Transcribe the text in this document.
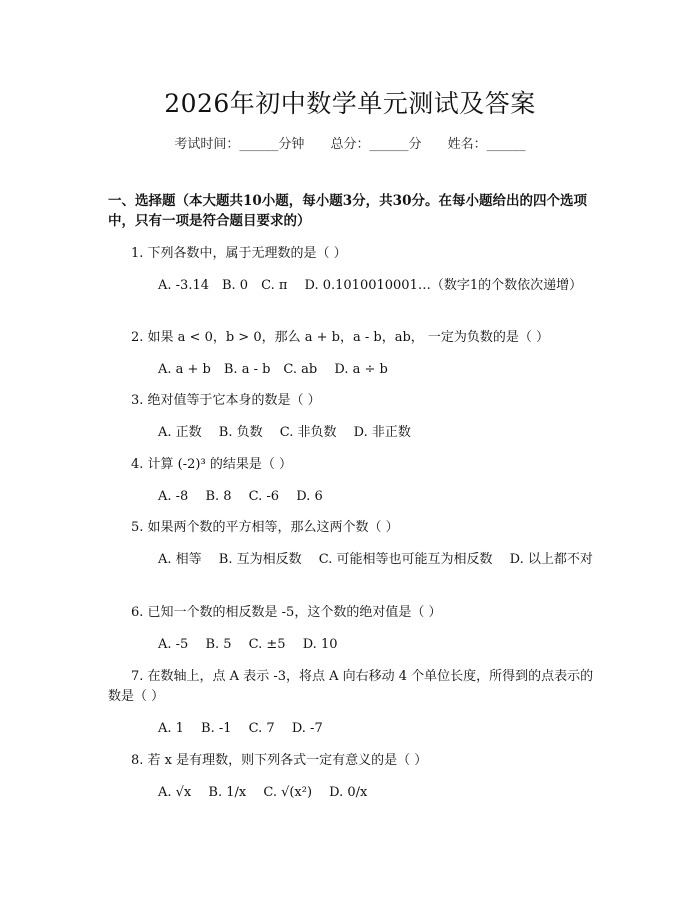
2026年初中数学单元测试及答案
考试时间：______分钟 总分：______分 姓名：______
一、选择题（本大题共10小题，每小题3分，共30分。在每小题给出的四个选项中，只有一项是符合题目要求的）
1. 下列各数中，属于无理数的是（ ）
A. -3.14　B. 0　C. π　 D. 0.1010010001…（数字1的个数依次递增）
2. 如果 a < 0，b > 0，那么 a + b，a - b，ab， 一定为负数的是（ ）
A. a + b　B. a - b　C. ab　 D. a ÷ b
3. 绝对值等于它本身的数是（ ）
A. 正数　 B. 负数　 C. 非负数　 D. 非正数
4. 计算 (-2)³ 的结果是（ ）
A. -8　 B. 8　 C. -6　 D. 6
5. 如果两个数的平方相等，那么这两个数（ ）
A. 相等　 B. 互为相反数　 C. 可能相等也可能互为相反数　 D. 以上都不对
6. 已知一个数的相反数是 -5，这个数的绝对值是（ ）
A. -5　 B. 5　 C. ±5　 D. 10
7. 在数轴上，点 A 表示 -3，将点 A 向右移动 4 个单位长度，所得到的点表示的数是（ ）
A. 1　 B. -1　 C. 7　 D. -7
8. 若 x 是有理数，则下列各式一定有意义的是（ ）
A. √x　 B. 1/x　 C. √(x²)　 D. 0/x
